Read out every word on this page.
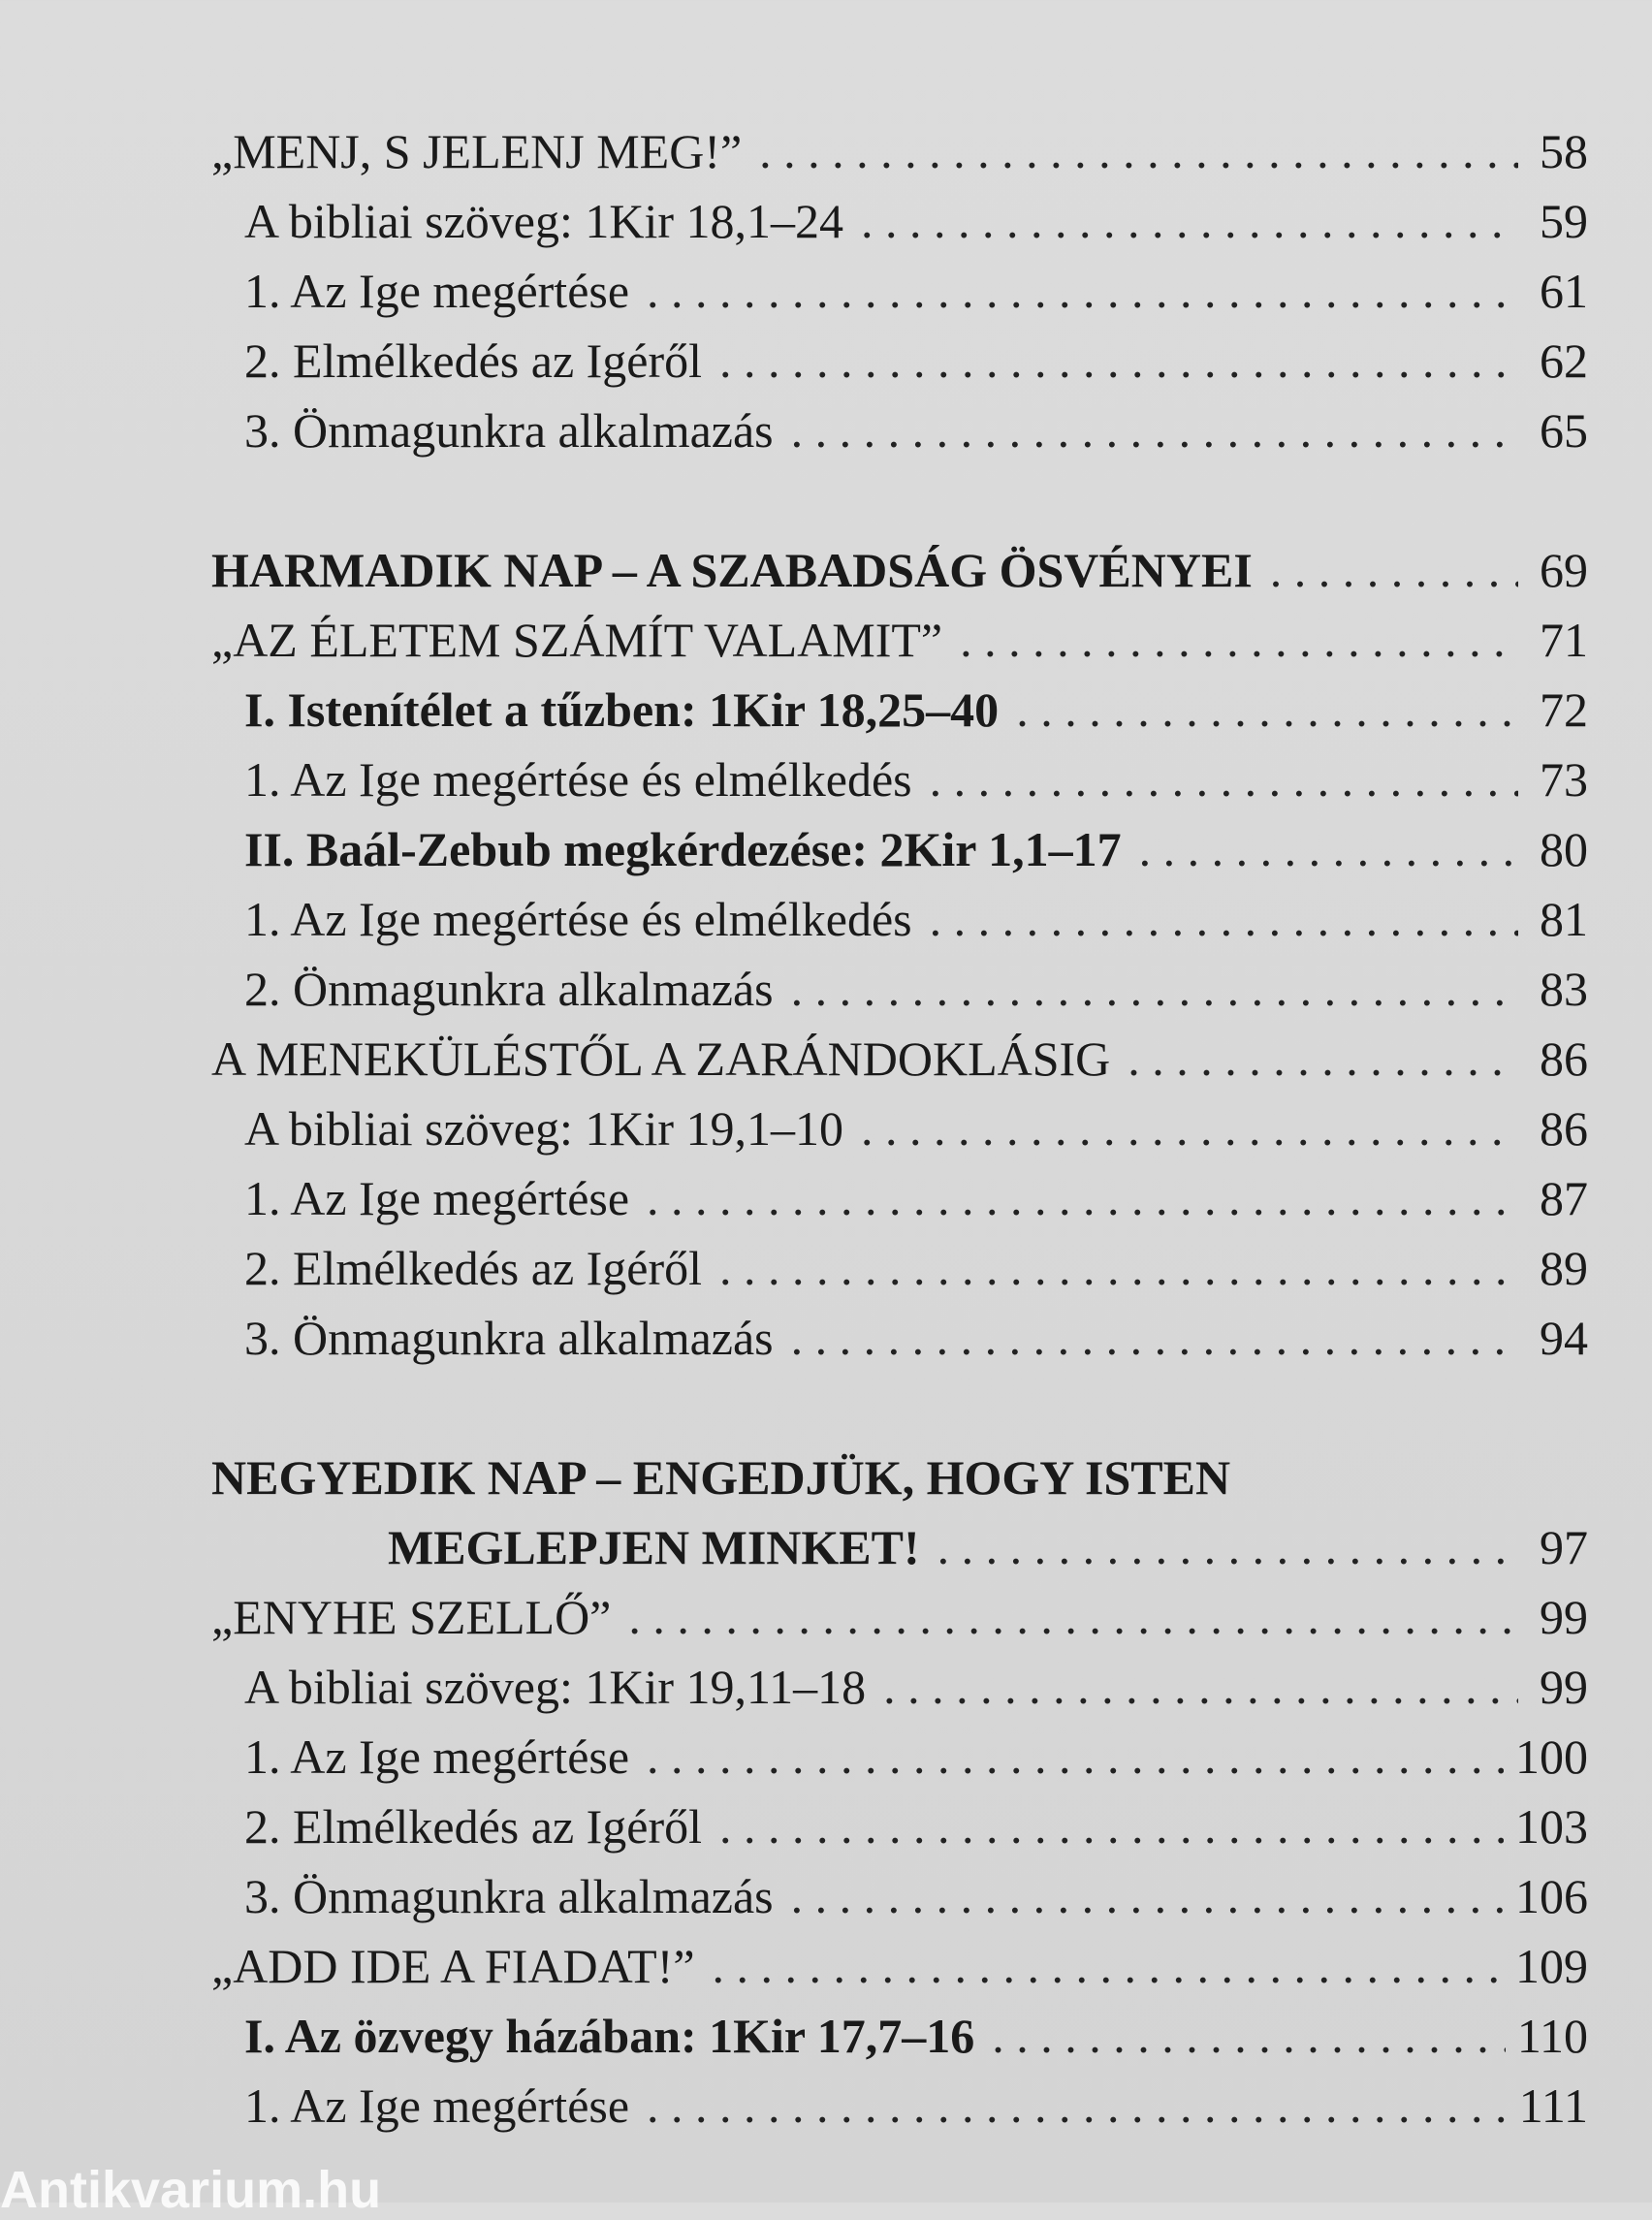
„MENJ, S JELENJ MEG!” . . .	58
A bibliai szöveg: 1Kir 18,1–24 . . .	59
1. Az Ige megértése . . .	61
2. Elmélkedés az Igéről . . .	62
3. Önmagunkra alkalmazás . . .	65
HARMADIK NAP – A SZABADSÁG ÖSVÉNYEI . . .	69
„AZ ÉLETEM SZÁMÍT VALAMIT” . . .	71
I. Istenítélet a tűzben: 1Kir 18,25–40 . . .	72
1. Az Ige megértése és elmélkedés . . .	73
II. Baál-Zebub megkérdezése: 2Kir 1,1–17 . . .	80
1. Az Ige megértése és elmélkedés . . .	81
2. Önmagunkra alkalmazás . . .	83
A MENEKÜLÉSTŐL A ZARÁNDOKLÁSIG . . .	86
A bibliai szöveg: 1Kir 19,1–10 . . .	86
1. Az Ige megértése . . .	87
2. Elmélkedés az Igéről . . .	89
3. Önmagunkra alkalmazás . . .	94
NEGYEDIK NAP – ENGEDJÜK, HOGY ISTEN
MEGLEPJEN MINKET! . . .	97
„ENYHE SZELLŐ” . . .	99
A bibliai szöveg: 1Kir 19,11–18 . . .	99
1. Az Ige megértése . . .	100
2. Elmélkedés az Igéről . . .	103
3. Önmagunkra alkalmazás . . .	106
„ADD IDE A FIADAT!” . . .	109
I. Az özvegy házában: 1Kir 17,7–16 . . .	110
1. Az Ige megértése . . .	111
Antikvarium.hu
